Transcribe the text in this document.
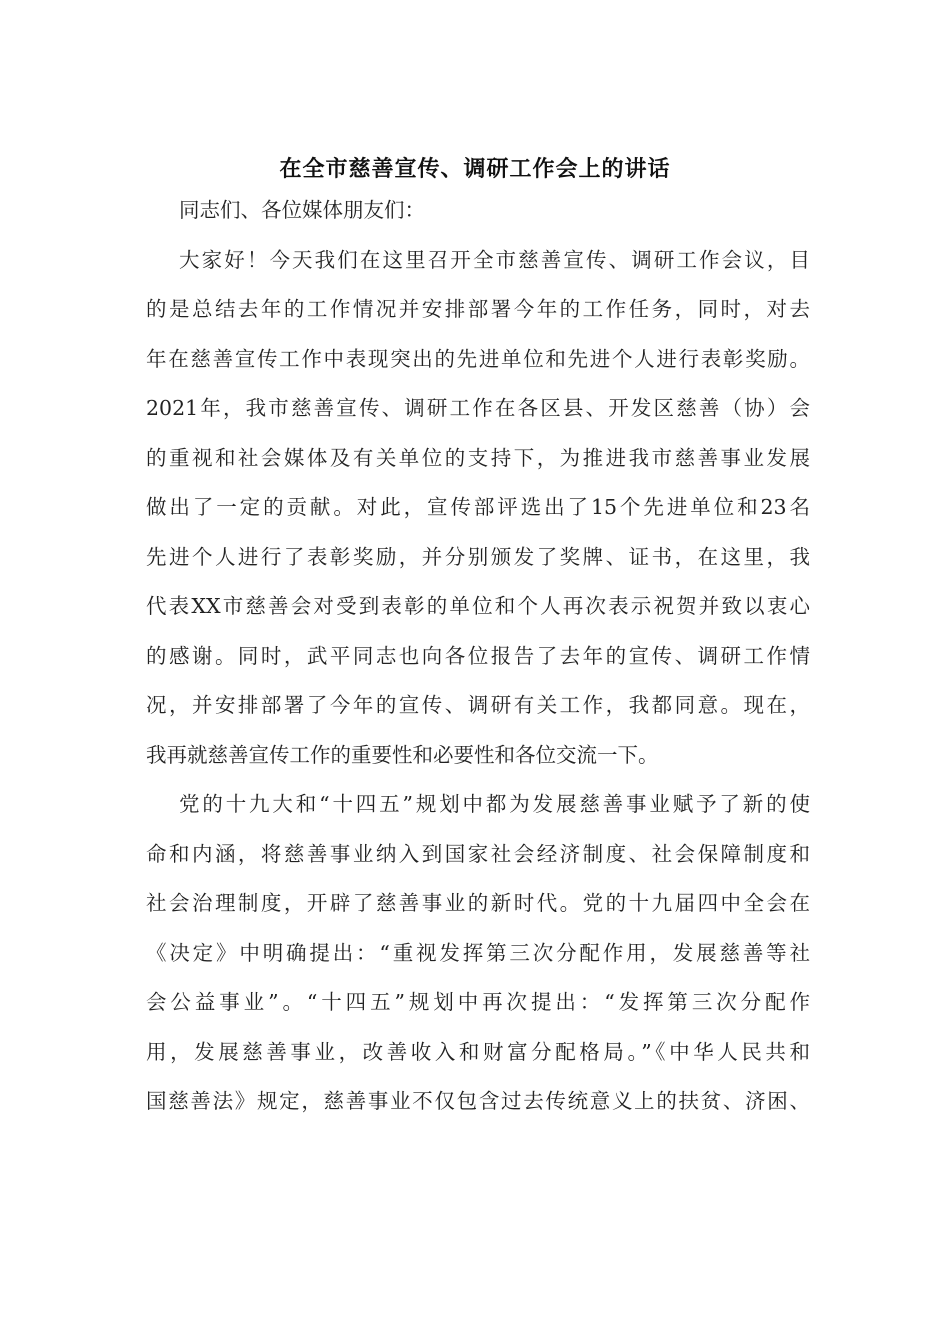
在全市慈善宣传、调研工作会上的讲话
同志们、各位媒体朋友们：
大家好！今天我们在这里召开全市慈善宣传、调研工作会议，目
的是总结去年的工作情况并安排部署今年的工作任务，同时，对去
年在慈善宣传工作中表现突出的先进单位和先进个人进行表彰奖励。
2021年，我市慈善宣传、调研工作在各区县、开发区慈善（协）会
的重视和社会媒体及有关单位的支持下，为推进我市慈善事业发展
做出了一定的贡献。对此，宣传部评选出了15个先进单位和23名
先进个人进行了表彰奖励，并分别颁发了奖牌、证书，在这里，我
代表XX市慈善会对受到表彰的单位和个人再次表示祝贺并致以衷心
的感谢。同时，武平同志也向各位报告了去年的宣传、调研工作情
况，并安排部署了今年的宣传、调研有关工作，我都同意。现在，
我再就慈善宣传工作的重要性和必要性和各位交流一下。
党的十九大和“十四五”规划中都为发展慈善事业赋予了新的使
命和内涵，将慈善事业纳入到国家社会经济制度、社会保障制度和
社会治理制度，开辟了慈善事业的新时代。党的十九届四中全会在
《决定》中明确提出：“重视发挥第三次分配作用，发展慈善等社
会公益事业”。“十四五”规划中再次提出：“发挥第三次分配作
用，发展慈善事业，改善收入和财富分配格局。”《中华人民共和
国慈善法》规定，慈善事业不仅包含过去传统意义上的扶贫、济困、
